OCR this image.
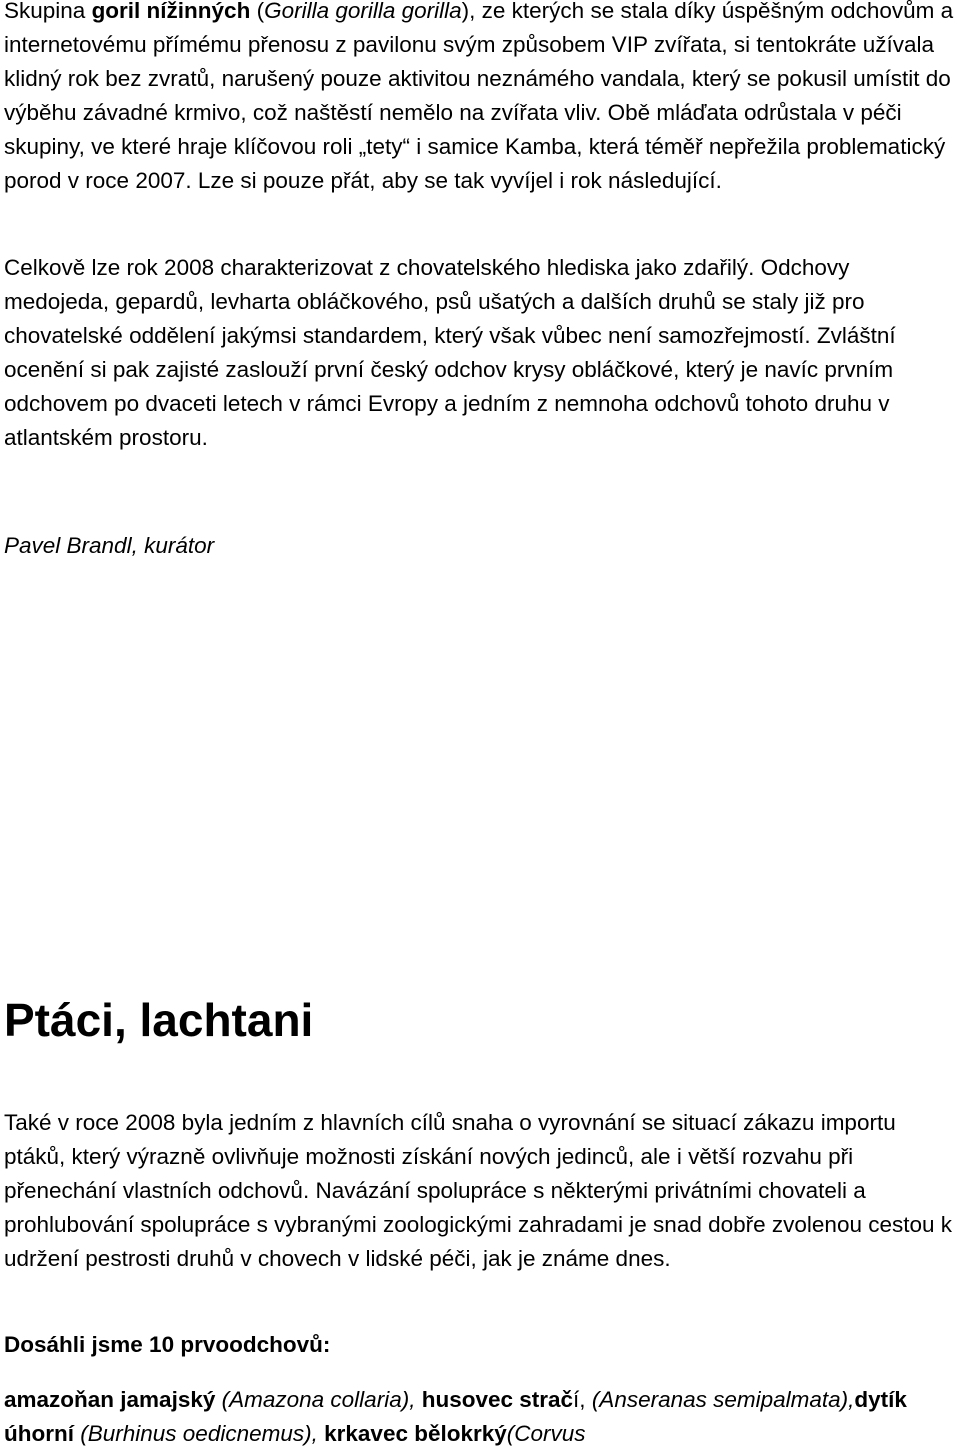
Skupina goril nížinných (Gorilla gorilla gorilla), ze kterých se stala díky úspěšným odchovům a internetovému přímému přenosu z pavilonu svým způsobem VIP zvířata, si tentokráte užívala klidný rok bez zvratů, narušený pouze aktivitou neznámého vandala, který se pokusil umístit do výběhu závadné krmivo, což naštěstí nemělo na zvířata vliv. Obě mláďata odrůstala v péči skupiny, ve které hraje klíčovou roli „tety“ i samice Kamba, která téměř nepřežila problematický porod v roce 2007. Lze si pouze přát, aby se tak vyvíjel i rok následující.

Celkově lze rok 2008 charakterizovat z chovatelského hlediska jako zdařilý. Odchovy medojeda, gepardů, levharta obláčkového, psů ušatých a dalších druhů se staly již pro chovatelské oddělení jakýmsi standardem, který však vůbec není samozřejmostí. Zvláštní ocenění si pak zajisté zaslouží první český odchov krysy obláčkové, který je navíc prvním odchovem po dvaceti letech v rámci Evropy a jedním z nemnoha odchovů tohoto druhu v atlantském prostoru.

Pavel Brandl, kurátor

Ptáci, lachtani

Také v roce 2008 byla jedním z hlavních cílů snaha o vyrovnání se situací zákazu importu ptáků, který výrazně ovlivňuje možnosti získání nových jedinců, ale i větší rozvahu při přenechání vlastních odchovů. Navázání spolupráce s některými privátními chovateli a prohlubování spolupráce s vybranými zoologickými zahradami je snad dobře zvolenou cestou k udržení pestrosti druhů v chovech v lidské péči, jak je známe dnes.

Dosáhli jsme 10 prvoodchovů:

amazoňan jamajský (Amazona collaria), husovec stračí, (Anseranas semipalmata),dytík úhorní (Burhinus oedicnemus), krkavec bělokrký(Corvus
